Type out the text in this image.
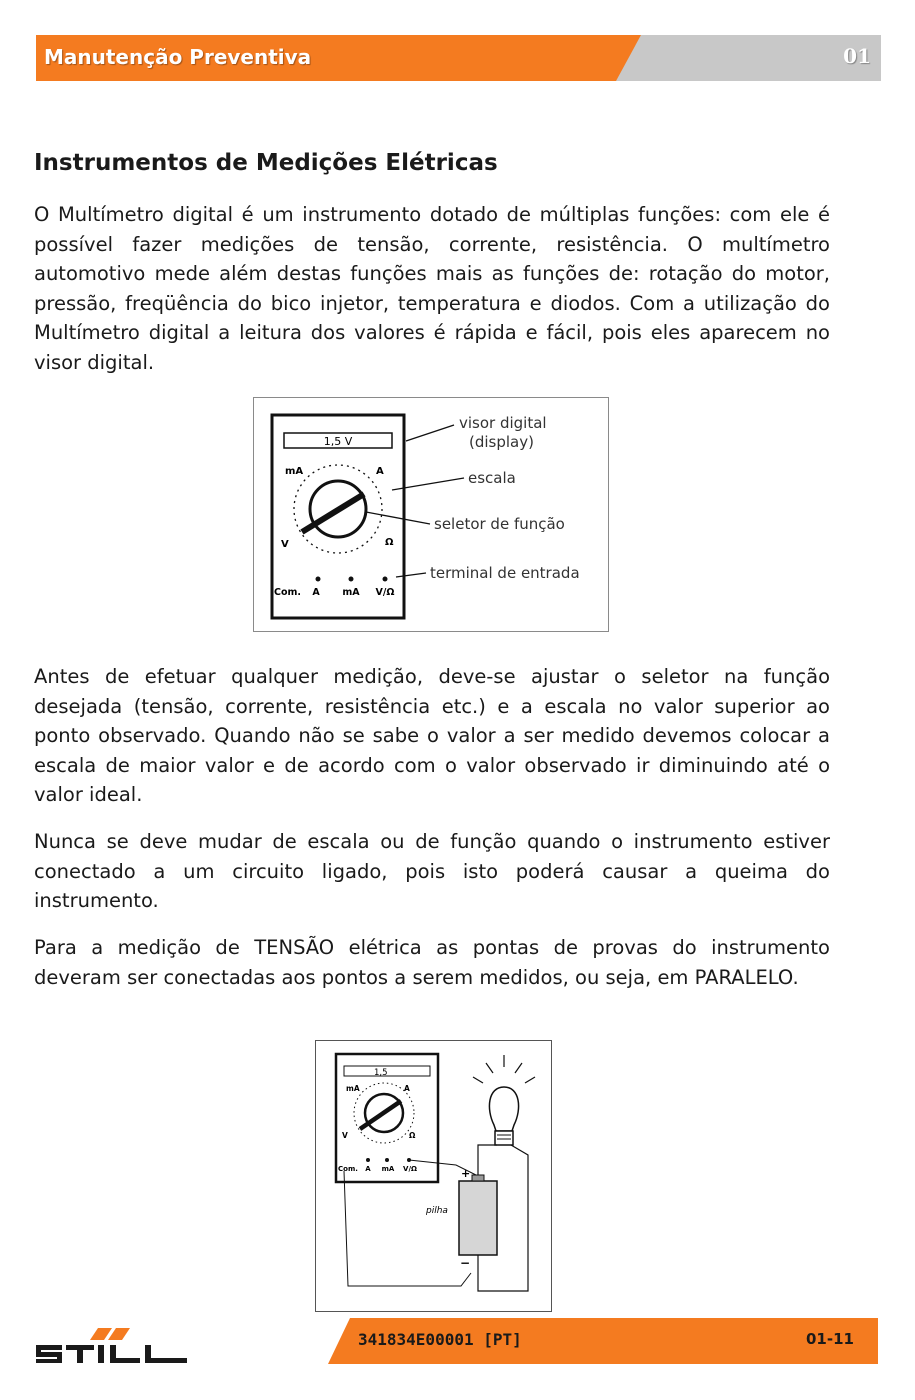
Manutenção Preventiva	01
Instrumentos de Medições Elétricas

O Multímetro digital é um instrumento dotado de múltiplas funções: com ele é possível fazer medições de tensão, corrente, resistência. O multímetro automotivo mede além destas funções mais as funções de: rotação do motor, pressão, freqüência do bico injetor, temperatura e diodos. Com a utilização do Multímetro digital a leitura dos valores é rápida e fácil, pois eles aparecem no visor digital.

1,5 V
mA	A
V	Ω
Com. A mA V/Ω
visor digital
(display)
escala
seletor de função
terminal de entrada

Antes de efetuar qualquer medição, deve-se ajustar o seletor na função desejada (tensão, corrente, resistência etc.) e a escala no valor superior ao ponto observado. Quando não se sabe o valor a ser medido devemos colocar a escala de maior valor e de acordo com o valor observado ir diminuindo até o valor ideal.

Nunca se deve mudar de escala ou de função quando o instrumento estiver conectado a um circuito ligado, pois isto poderá causar a queima do instrumento.

Para a medição de TENSÃO elétrica as pontas de provas do instrumento deveram ser conectadas aos pontos a serem medidos, ou seja, em PARALELO.

1,5
mA	A
V	Ω
Com. A mA V/Ω
pilha
+
−
341834E00001 [PT]	01-11
